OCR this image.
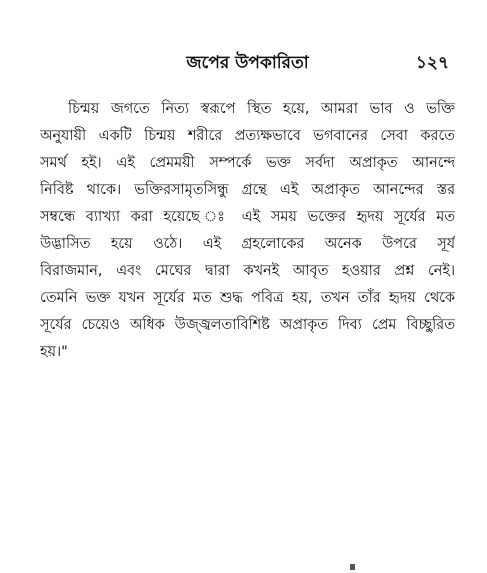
জপের উপকারিতা	১২৭
চিন্ময় জগতে নিত্য স্বরূপে স্থিত হয়ে, আমরা ভাব ও ভক্তি
অনুযায়ী একটি চিন্ময় শরীরে প্রত্যক্ষভাবে ভগবানের সেবা করতে
সমর্থ হই। এই প্রেমময়ী সম্পর্কে ভক্ত সর্বদা অপ্রাকৃত আনন্দে
নিবিষ্ট থাকে। ভক্তিরসামৃতসিন্ধু গ্রন্থে এই অপ্রাকৃত আনন্দের স্তর
সম্বন্ধে ব্যাখ্যা করা হয়েছে ঃ এই সময় ভক্তের হৃদয় সূর্যের মত
উদ্ভাসিত হয়ে ওঠে। এই গ্রহলোকের অনেক উপরে সূর্য
বিরাজমান, এবং মেঘের দ্বারা কখনই আবৃত হওয়ার প্রশ্ন নেই।
তেমনি ভক্ত যখন সূর্যের মত শুদ্ধ পবিত্র হয়, তখন তাঁর হৃদয় থেকে
সূর্যের চেয়েও অধিক উজ্জ্বলতাবিশিষ্ট অপ্রাকৃত দিব্য প্রেম বিচ্ছুরিত
হয়।"
